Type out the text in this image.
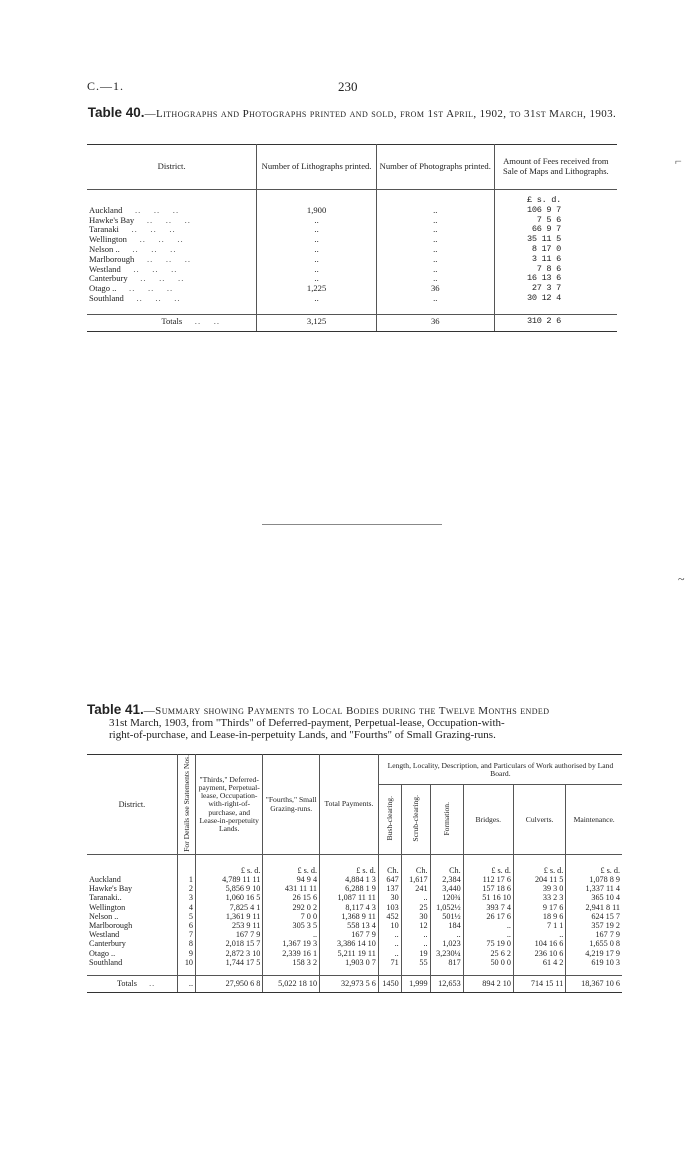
C.—1.	230
Table 40.—Lithographs and Photographs printed and sold, from 1st April, 1902, to 31st March, 1903.
District.	Number of Lithographs printed.	Number of Photographs printed.	Amount of Fees received from Sale of Maps and Lithographs.
			£ s. d.
Auckland    ..    ..    ..	1,900	..	106 9 7
Hawke's Bay    ..    ..    ..	..	..	7 5 6
Taranaki    ..    ..    ..	..	..	66 9 7
Wellington    ..    ..    ..	..	..	35 11 5
Nelson ..    ..    ..    ..	..	..	8 17 0
Marlborough    ..    ..    ..	..	..	3 11 6
Westland    ..    ..    ..	..	..	7 8 6
Canterbury    ..    ..    ..	..	..	16 13 6
Otago ..    ..    ..    ..	1,225	36	27 3 7
Southland    ..    ..    ..	..	..	30 12 4
Totals    ..    ..	3,125	36	310 2 6
⌐
~
Table 41.—Summary showing Payments to Local Bodies during the Twelve Months ended
31st March, 1903, from "Thirds" of Deferred-payment, Perpetual-lease, Occupation-with-
right-of-purchase, and Lease-in-perpetuity Lands, and "Fourths" of Small Grazing-runs.
District.	For Details see Statements Nos.	"Thirds," Deferred-payment, Perpetual-lease, Occupation-with-right-of-purchase, and Lease-in-perpetuity Lands.	"Fourths," Small Grazing-runs.	Total Payments.	Length, Locality, Description, and Particulars of Work authorised by Land Board.					
					Bush-clearing.	Scrub-clearing.	Formation.	Bridges.	Culverts.	Maintenance.
		£ s. d.	£ s. d.	£ s. d.	Ch.	Ch.	Ch.	£ s. d.	£ s. d.	£ s. d.
Auckland	1	4,789 11 11	94 9 4	4,884 1 3	647	1,617	2,384	112 17 6	204 11 5	1,078 8 9
Hawke's Bay	2	5,856 9 10	431 11 11	6,288 1 9	137	241	3,440	157 18 6	39 3 0	1,337 11 4
Taranaki..	3	1,060 16 5	26 15 6	1,087 11 11	30	..	120¾	51 16 10	33 2 3	365 10 4
Wellington	4	7,825 4 1	292 0 2	8,117 4 3	103	25	1,052½	393 7 4	9 17 6	2,941 8 11
Nelson ..	5	1,361 9 11	7 0 0	1,368 9 11	452	30	501½	26 17 6	18 9 6	624 15 7
Marlborough	6	253 9 11	305 3 5	558 13 4	10	12	184	..	7 1 1	357 19 2
Westland	7	167 7 9	..	167 7 9	..	..	..	..	..	167 7 9
Canterbury	8	2,018 15 7	1,367 19 3	3,386 14 10	..	..	1,023	75 19 0	104 16 6	1,655 0 8
Otago ..	9	2,872 3 10	2,339 16 1	5,211 19 11	..	19	3,230¼	25 6 2	236 10 6	4,219 17 9
Southland	10	1,744 17 5	158 3 2	1,903 0 7	71	55	817	50 0 0	61 4 2	619 10 3
Totals    ..	..	27,950 6 8	5,022 18 10	32,973 5 6	1450	1,999	12,653	894 2 10	714 15 11	18,367 10 6
